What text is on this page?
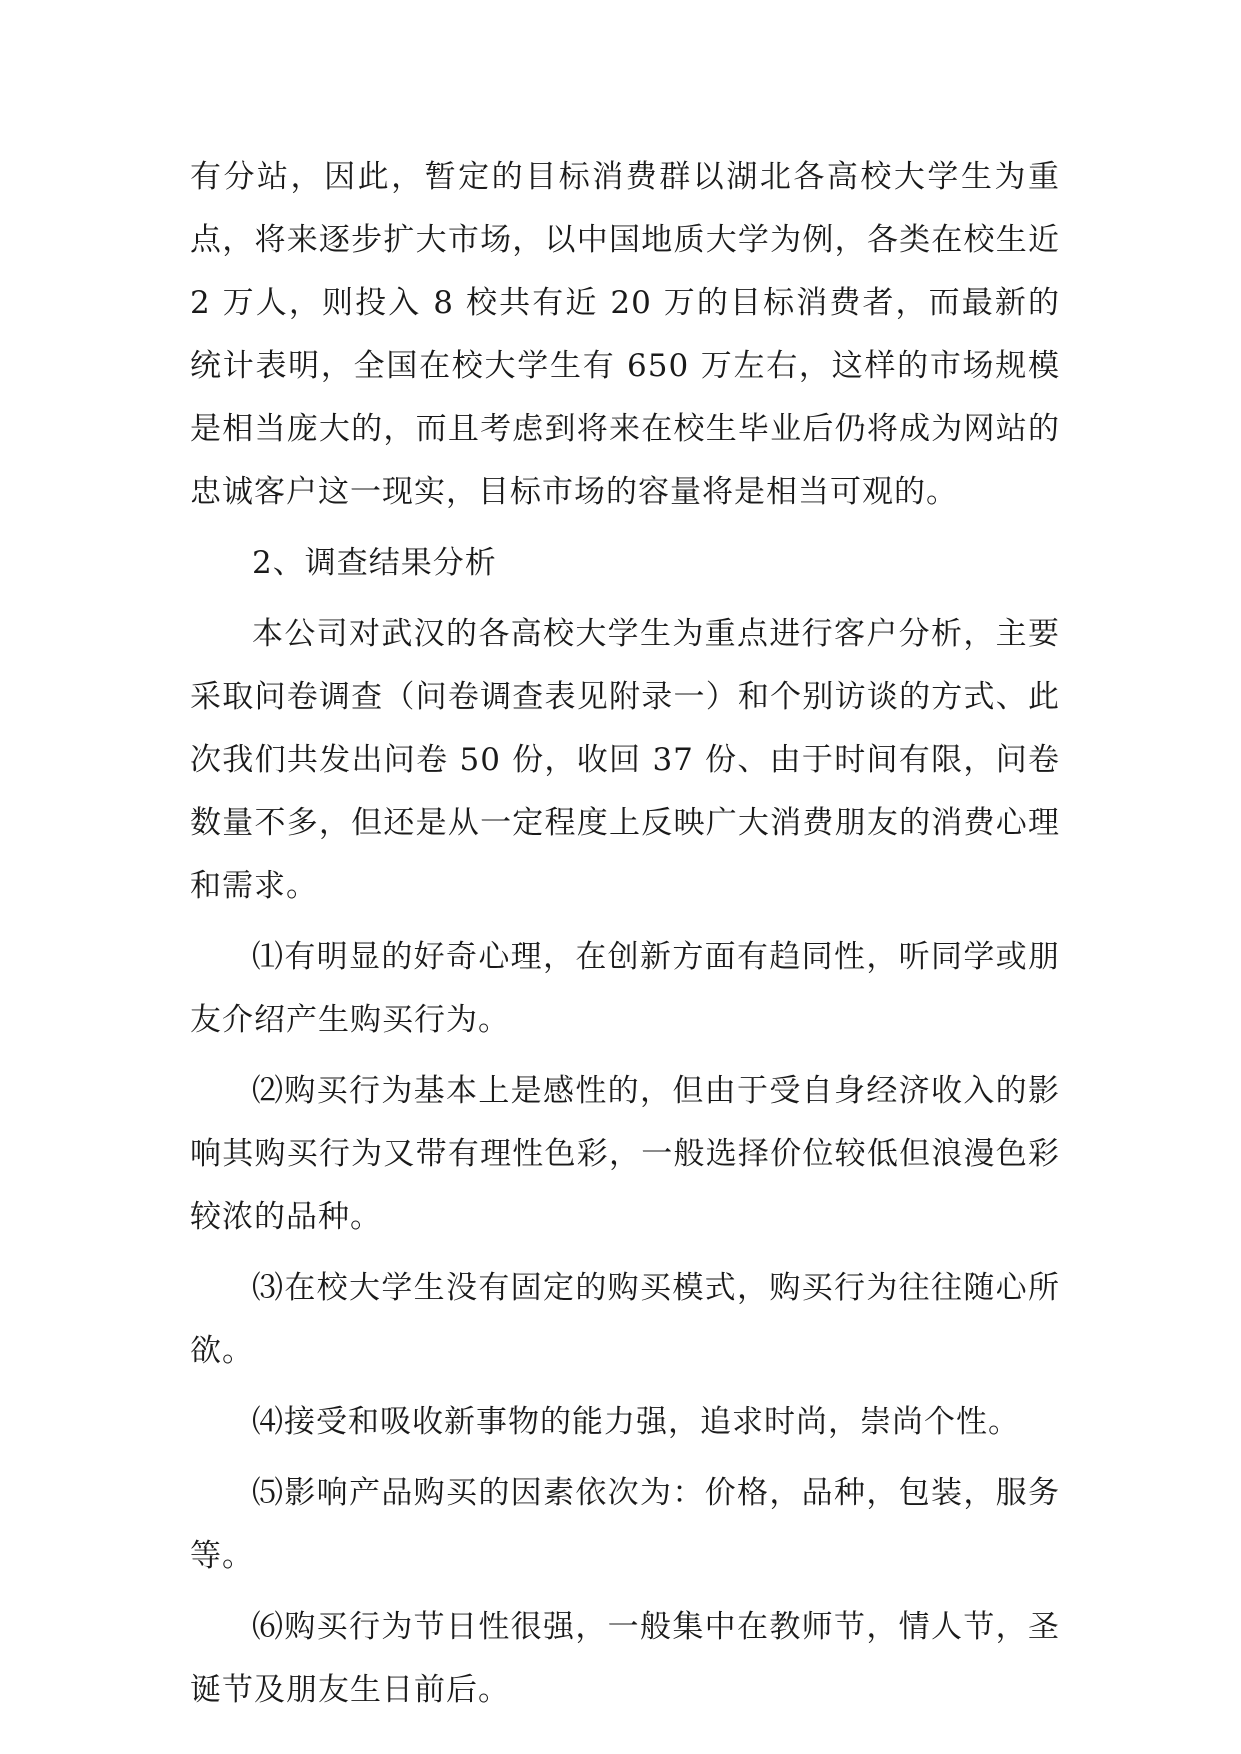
有分站，因此，暂定的目标消费群以湖北各高校大学生为重点，将来逐步扩大市场，以中国地质大学为例，各类在校生近 2 万人，则投入 8 校共有近 20 万的目标消费者，而最新的统计表明，全国在校大学生有 650 万左右，这样的市场规模是相当庞大的，而且考虑到将来在校生毕业后仍将成为网站的忠诚客户这一现实，目标市场的容量将是相当可观的。

2、调查结果分析

本公司对武汉的各高校大学生为重点进行客户分析，主要采取问卷调查（问卷调查表见附录一）和个别访谈的方式、此次我们共发出问卷 50 份，收回 37 份、由于时间有限，问卷数量不多，但还是从一定程度上反映广大消费朋友的消费心理和需求。

⑴有明显的好奇心理，在创新方面有趋同性，听同学或朋友介绍产生购买行为。

⑵购买行为基本上是感性的，但由于受自身经济收入的影响其购买行为又带有理性色彩，一般选择价位较低但浪漫色彩较浓的品种。

⑶在校大学生没有固定的购买模式，购买行为往往随心所欲。

⑷接受和吸收新事物的能力强，追求时尚，崇尚个性。

⑸影响产品购买的因素依次为：价格，品种，包装，服务等。

⑹购买行为节日性很强，一般集中在教师节，情人节，圣诞节及朋友生日前后。
